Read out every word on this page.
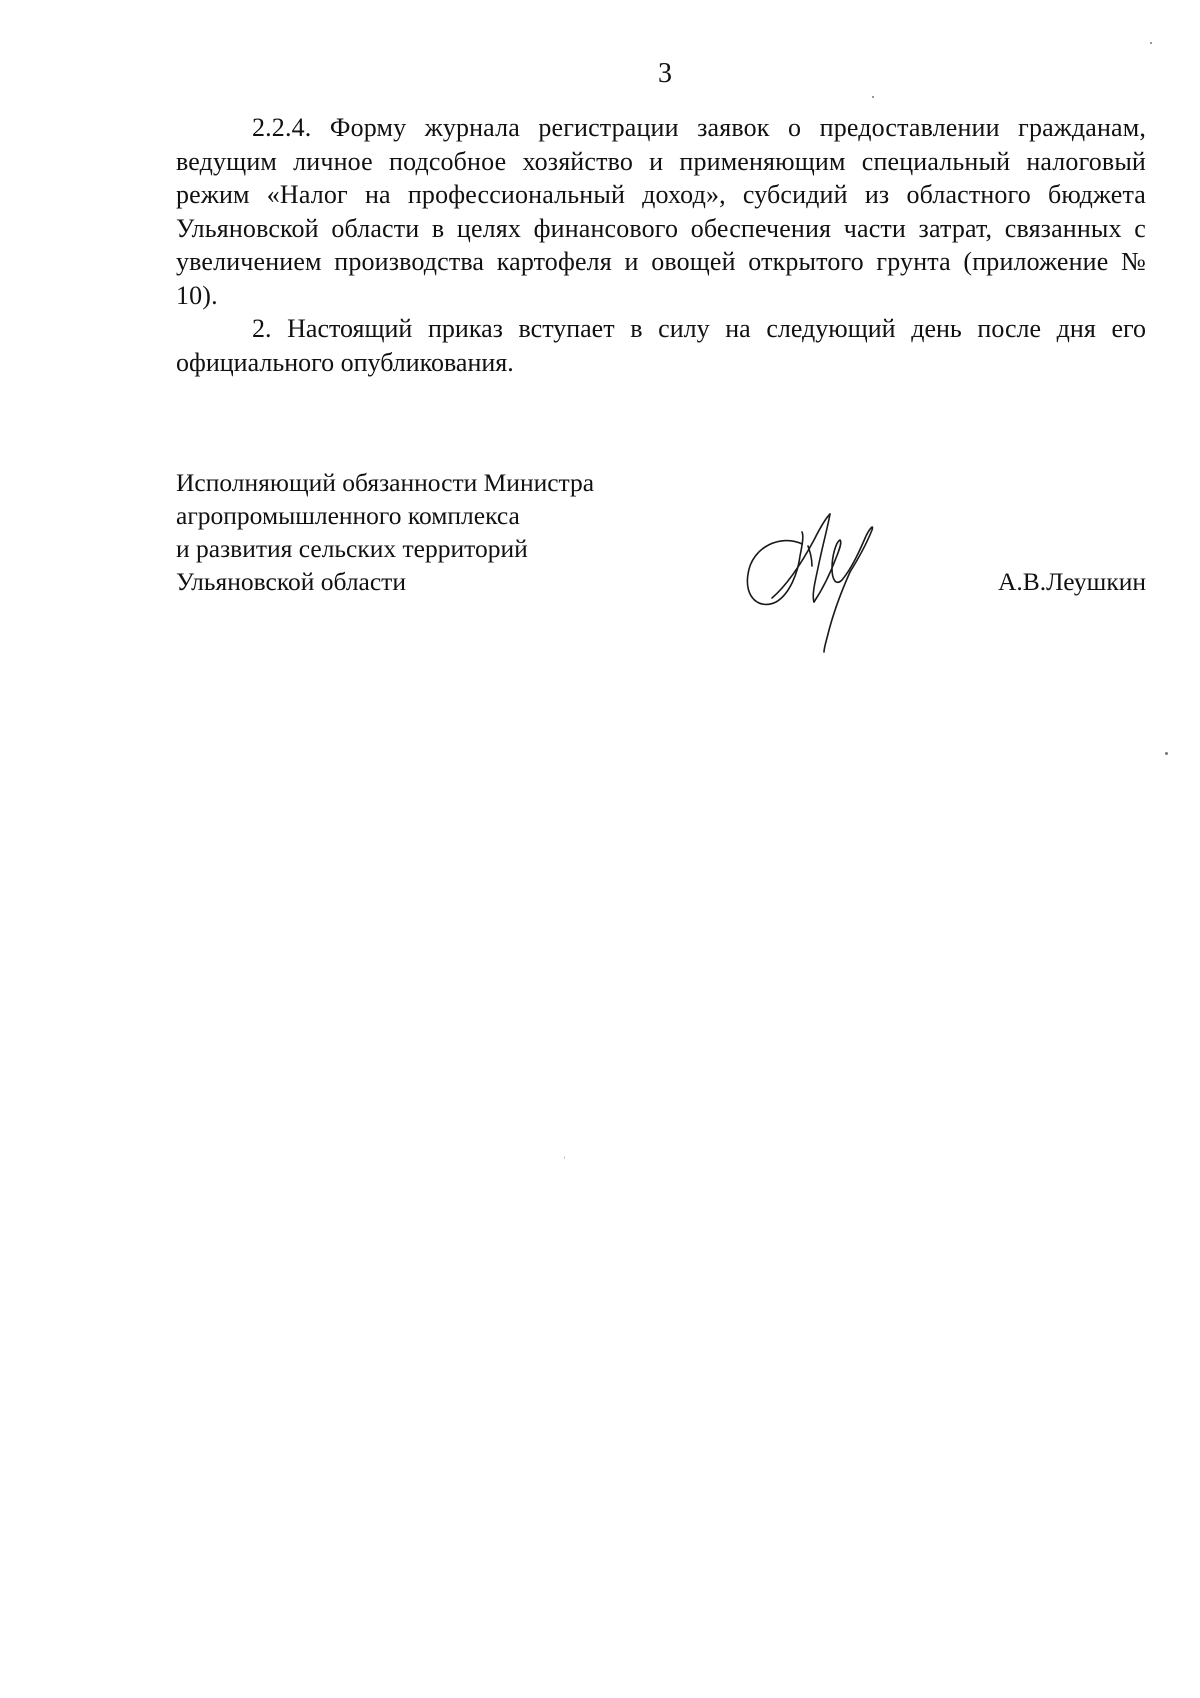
3

2.2.4. Форму журнала регистрации заявок о предоставлении гражданам, ведущим личное подсобное хозяйство и применяющим специальный налоговый режим «Налог на профессиональный доход», субсидий из областного бюджета Ульяновской области в целях финансового обеспечения части затрат, связанных с увеличением производства картофеля и овощей открытого грунта (приложение № 10).

2. Настоящий приказ вступает в силу на следующий день после дня его официального опубликования.

Исполняющий обязанности Министра
агропромышленного комплекса
и развития сельских территорий
Ульяновской области	А.В.Леушкин
